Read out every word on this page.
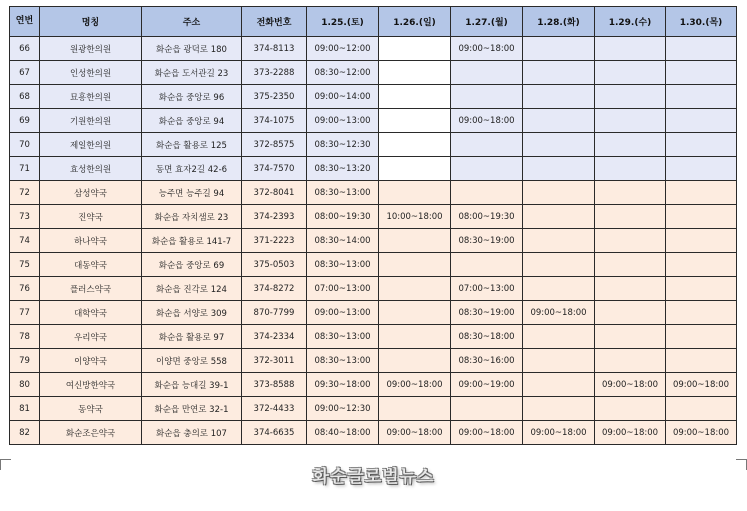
연번	명칭	주소	전화번호	1.25.(토)	1.26.(일)	1.27.(월)	1.28.(화)	1.29.(수)	1.30.(목)
66	원광한의원	화순읍 광덕로 180	374-8113	09:00~12:00		09:00~18:00			
67	인성한의원	화순읍 도서관길 23	373-2288	08:30~12:00					
68	묘흥한의원	화순읍 중앙로 96	375-2350	09:00~14:00					
69	기원한의원	화순읍 중앙로 94	374-1075	09:00~13:00		09:00~18:00			
70	제일한의원	화순읍 활용로 125	372-8575	08:30~12:30					
71	효성한의원	동면 효자2길 42-6	374-7570	08:30~13:20					
72	삼성약국	능주면 능주길 94	372-8041	08:30~13:00					
73	진약국	화순읍 자치샘로 23	374-2393	08:00~19:30	10:00~18:00	08:00~19:30			
74	하나약국	화순읍 활용로 141-7	371-2223	08:30~14:00		08:30~19:00			
75	대동약국	화순읍 중앙로 69	375-0503	08:30~13:00					
76	플러스약국	화순읍 진각로 124	374-8272	07:00~13:00		07:00~13:00			
77	대학약국	화순읍 서양로 309	870-7799	09:00~13:00		08:30~19:00	09:00~18:00		
78	우리약국	화순읍 활용로 97	374-2334	08:30~13:00		08:30~18:00			
79	이양약국	이양면 중앙로 558	372-3011	08:30~13:00		08:30~16:00			
80	여신방한약국	화순읍 능대길 39-1	373-8588	09:30~18:00	09:00~18:00	09:00~19:00		09:00~18:00	09:00~18:00
81	동약국	화순읍 만연로 32-1	372-4433	09:00~12:30					
82	화순조은약국	화순읍 충의로 107	374-6635	08:40~18:00	09:00~18:00	09:00~18:00	09:00~18:00	09:00~18:00	09:00~18:00
화순글로벌뉴스
